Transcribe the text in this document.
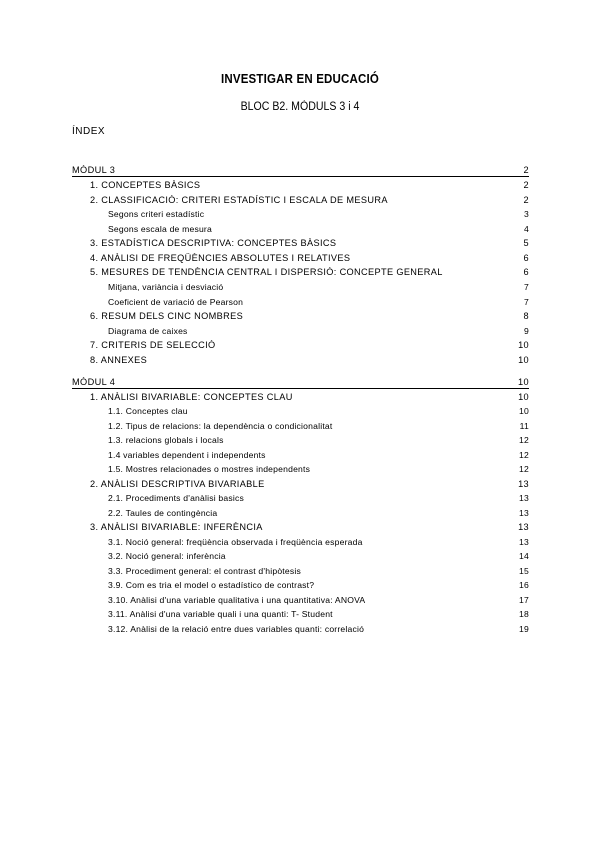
INVESTIGAR EN EDUCACIÓ
BLOC B2. MÒDULS 3 i 4
ÍNDEX
MÒDUL 3	2
1. CONCEPTES BÀSICS	2
2. CLASSIFICACIÓ: CRITERI ESTADÍSTIC I ESCALA DE MESURA	2
Segons criteri estadístic	3
Segons escala de mesura	4
3. ESTADÍSTICA DESCRIPTIVA: CONCEPTES BÀSICS	5
4. ANÀLISI DE FREQÜÈNCIES ABSOLUTES I RELATIVES	6
5. MESURES DE TENDÈNCIA CENTRAL I DISPERSIÓ: CONCEPTE GENERAL	6
Mitjana, variància i desviació	7
Coeficient de variació de Pearson	7
6. RESUM DELS CINC NOMBRES	8
Diagrama de caixes	9
7. CRITERIS DE SELECCIÓ	10
8. ANNEXES	10
MÒDUL 4	10
1. ANÀLISI BIVARIABLE: CONCEPTES CLAU	10
1.1. Conceptes clau	10
1.2. Tipus de relacions: la dependència o condicionalitat	11
1.3. relacions globals i locals	12
1.4 variables dependent i independents	12
1.5. Mostres relacionades o mostres independents	12
2. ANÀLISI DESCRIPTIVA BIVARIABLE	13
2.1. Procediments d'anàlisi basics	13
2.2. Taules de contingència	13
3. ANÀLISI BIVARIABLE: INFERÈNCIA	13
3.1. Noció general: freqüència observada i freqüència esperada	13
3.2. Noció general: inferència	14
3.3. Procediment general: el contrast d'hipòtesis	15
3.9. Com es tria el model o estadístico de contrast?	16
3.10. Anàlisi d'una variable qualitativa i una quantitativa: ANOVA	17
3.11. Anàlisi d'una variable quali i una quanti: T- Student	18
3.12. Anàlisi de la relació entre dues variables quanti: correlació	19
